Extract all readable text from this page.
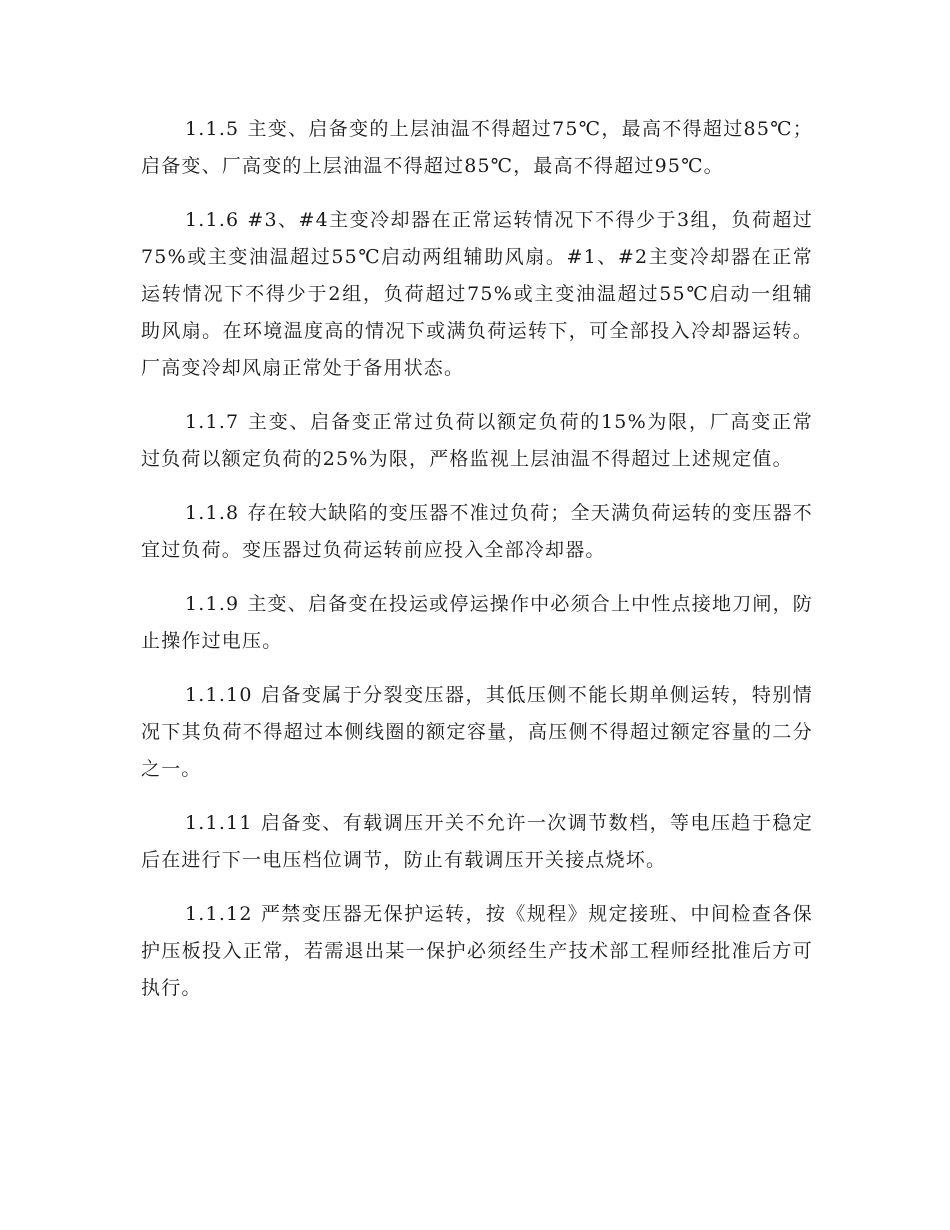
1.1.5 主变、启备变的上层油温不得超过75℃，最高不得超过85℃；启备变、厂高变的上层油温不得超过85℃，最高不得超过95℃。

1.1.6 #3、#4主变冷却器在正常运转情况下不得少于3组，负荷超过75%或主变油温超过55℃启动两组辅助风扇。#1、#2主变冷却器在正常运转情况下不得少于2组，负荷超过75%或主变油温超过55℃启动一组辅助风扇。在环境温度高的情况下或满负荷运转下，可全部投入冷却器运转。厂高变冷却风扇正常处于备用状态。

1.1.7 主变、启备变正常过负荷以额定负荷的15%为限，厂高变正常过负荷以额定负荷的25%为限，严格监视上层油温不得超过上述规定值。

1.1.8 存在较大缺陷的变压器不准过负荷；全天满负荷运转的变压器不宜过负荷。变压器过负荷运转前应投入全部冷却器。

1.1.9 主变、启备变在投运或停运操作中必须合上中性点接地刀闸，防止操作过电压。

1.1.10 启备变属于分裂变压器，其低压侧不能长期单侧运转，特别情况下其负荷不得超过本侧线圈的额定容量，高压侧不得超过额定容量的二分之一。

1.1.11 启备变、有载调压开关不允许一次调节数档，等电压趋于稳定后在进行下一电压档位调节，防止有载调压开关接点烧坏。

1.1.12 严禁变压器无保护运转，按《规程》规定接班、中间检查各保护压板投入正常，若需退出某一保护必须经生产技术部工程师经批准后方可执行。
